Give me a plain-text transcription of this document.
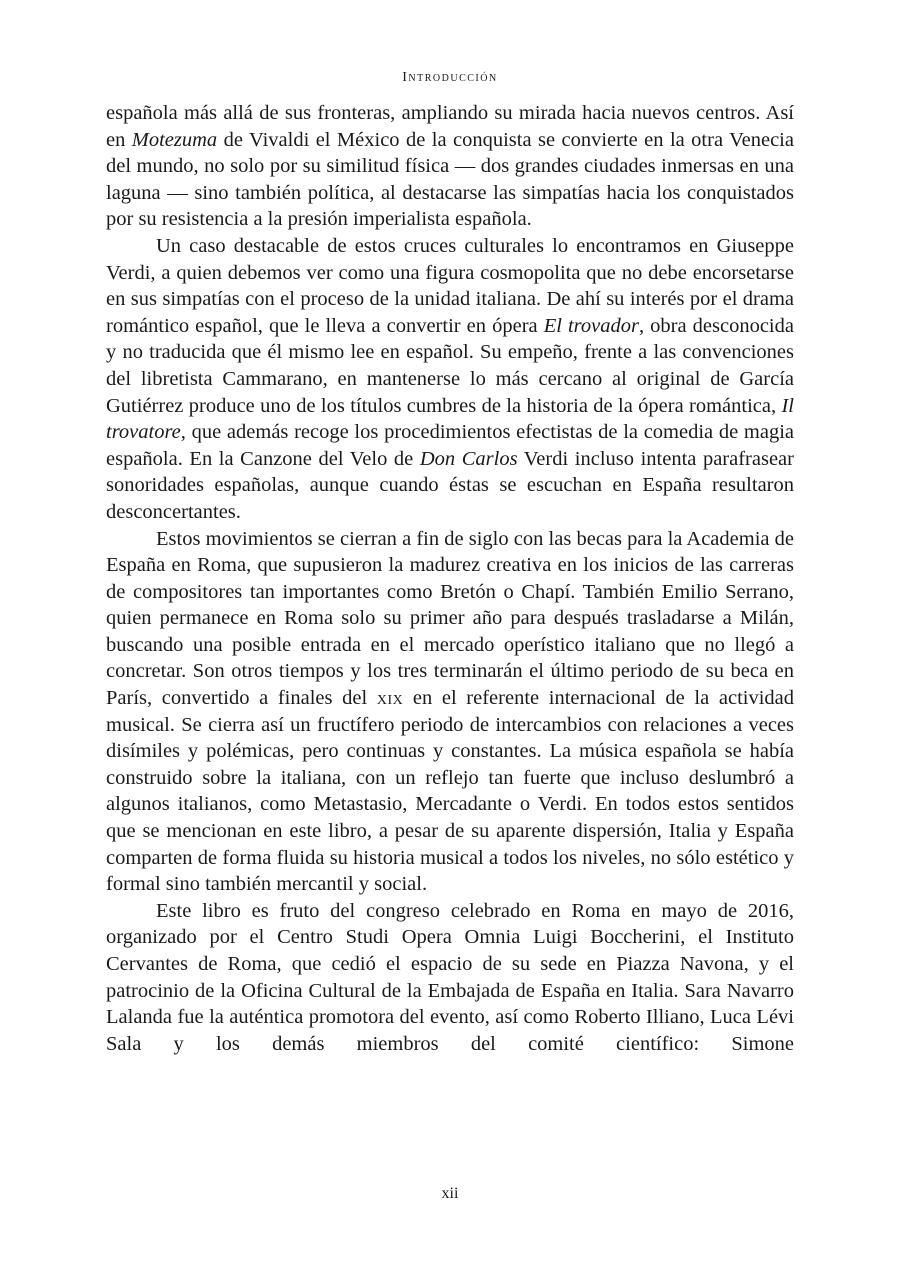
Introducción

española más allá de sus fronteras, ampliando su mirada hacia nuevos centros. Así en Motezuma de Vivaldi el México de la conquista se convierte en la otra Venecia del mundo, no solo por su similitud física — dos grandes ciudades inmersas en una laguna — sino también política, al destacarse las simpatías hacia los conquistados por su resistencia a la presión imperialista española.

Un caso destacable de estos cruces culturales lo encontramos en Giuseppe Verdi, a quien debemos ver como una figura cosmopolita que no debe encorsetarse en sus simpatías con el proceso de la unidad italiana. De ahí su interés por el drama romántico español, que le lleva a convertir en ópera El trovador, obra desconocida y no traducida que él mismo lee en español. Su empeño, frente a las convenciones del libretista Cammarano, en mantenerse lo más cercano al original de García Gutiérrez produce uno de los títulos cumbres de la historia de la ópera romántica, Il trovatore, que además recoge los procedimientos efectistas de la comedia de magia española. En la Canzone del Velo de Don Carlos Verdi incluso intenta parafrasear sonoridades españolas, aunque cuando éstas se escuchan en España resultaron desconcertantes.

Estos movimientos se cierran a fin de siglo con las becas para la Academia de España en Roma, que supusieron la madurez creativa en los inicios de las carreras de compositores tan importantes como Bretón o Chapí. También Emilio Serrano, quien permanece en Roma solo su primer año para después trasladarse a Milán, buscando una posible entrada en el mercado operístico italiano que no llegó a concretar. Son otros tiempos y los tres terminarán el último periodo de su beca en París, convertido a finales del xix en el referente internacional de la actividad musical. Se cierra así un fructífero periodo de intercambios con relaciones a veces disímiles y polémicas, pero continuas y constantes. La música española se había construido sobre la italiana, con un reflejo tan fuerte que incluso deslumbró a algunos italianos, como Metastasio, Mercadante o Verdi. En todos estos sentidos que se mencionan en este libro, a pesar de su aparente dispersión, Italia y España comparten de forma fluida su historia musical a todos los niveles, no sólo estético y formal sino también mercantil y social.

Este libro es fruto del congreso celebrado en Roma en mayo de 2016, organizado por el Centro Studi Opera Omnia Luigi Boccherini, el Instituto Cervantes de Roma, que cedió el espacio de su sede en Piazza Navona, y el patrocinio de la Oficina Cultural de la Embajada de España en Italia. Sara Navarro Lalanda fue la auténtica promotora del evento, así como Roberto Illiano, Luca Lévi Sala y los demás miembros del comité científico: Simone

xii
